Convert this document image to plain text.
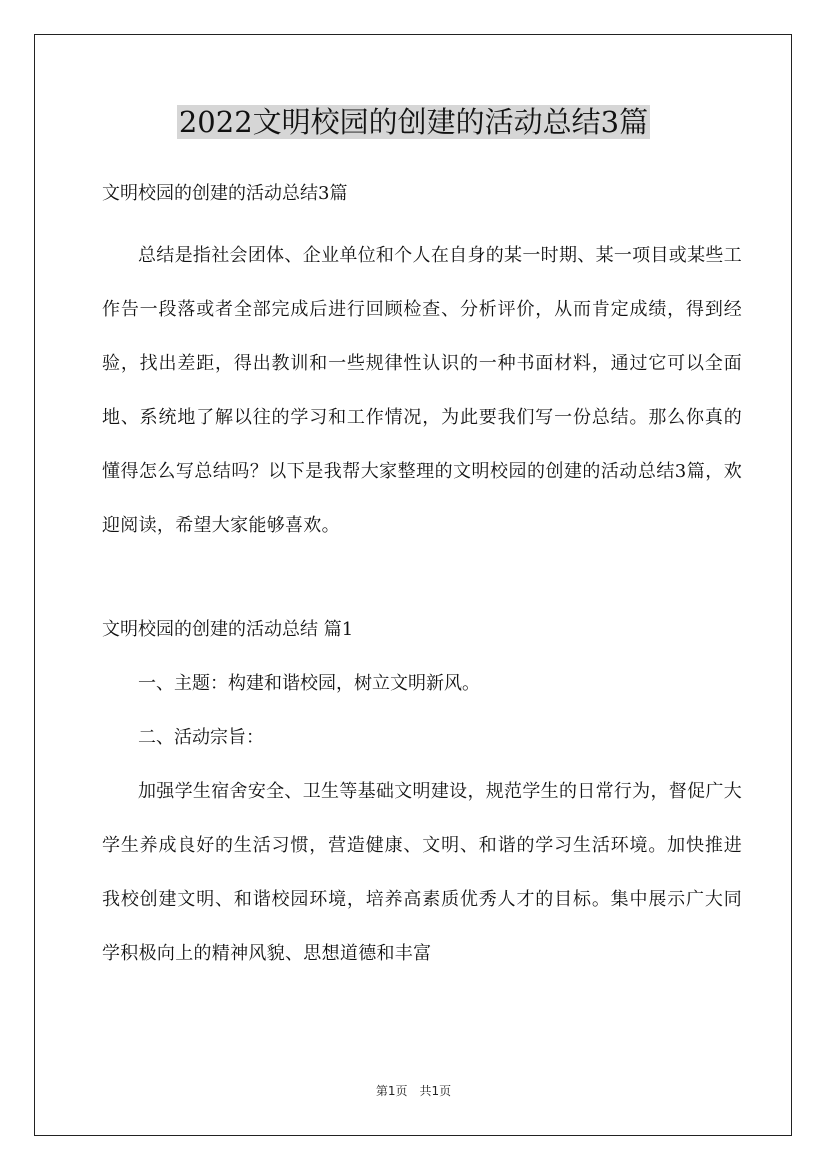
2022文明校园的创建的活动总结3篇
文明校园的创建的活动总结3篇
总结是指社会团体、企业单位和个人在自身的某一时期、某一项目或某些工作告一段落或者全部完成后进行回顾检查、分析评价，从而肯定成绩，得到经验，找出差距，得出教训和一些规律性认识的一种书面材料，通过它可以全面地、系统地了解以往的学习和工作情况，为此要我们写一份总结。那么你真的懂得怎么写总结吗？以下是我帮大家整理的文明校园的创建的活动总结3篇，欢迎阅读，希望大家能够喜欢。
文明校园的创建的活动总结 篇1
一、主题：构建和谐校园，树立文明新风。
二、活动宗旨：
加强学生宿舍安全、卫生等基础文明建设，规范学生的日常行为，督促广大学生养成良好的生活习惯，营造健康、文明、和谐的学习生活环境。加快推进我校创建文明、和谐校园环境，培养高素质优秀人才的目标。集中展示广大同学积极向上的精神风貌、思想道德和丰富
第1页　共1页
